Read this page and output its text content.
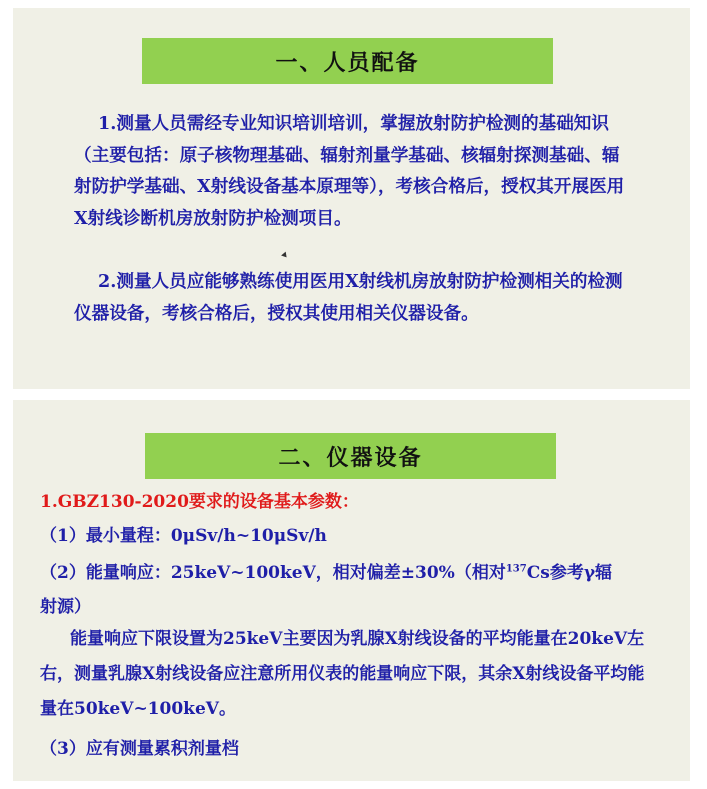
一、人员配备

1.测量人员需经专业知识培训培训，掌握放射防护检测的基础知识（主要包括：原子核物理基础、辐射剂量学基础、核辐射探测基础、辐射防护学基础、X射线设备基本原理等），考核合格后，授权其开展医用X射线诊断机房放射防护检测项目。

2.测量人员应能够熟练使用医用X射线机房放射防护检测相关的检测仪器设备，考核合格后，授权其使用相关仪器设备。

二、仪器设备

1.GBZ130-2020要求的设备基本参数：

（1）最小量程：0μSv/h~10μSv/h

（2）能量响应：25keV~100keV，相对偏差±30%（相对$^{137}$Cs参考γ辐

射源）

能量响应下限设置为25keV主要因为乳腺X射线设备的平均能量在20keV左右，测量乳腺X射线设备应注意所用仪表的能量响应下限，其余X射线设备平均能量在50keV~100keV。

（3）应有测量累积剂量档
